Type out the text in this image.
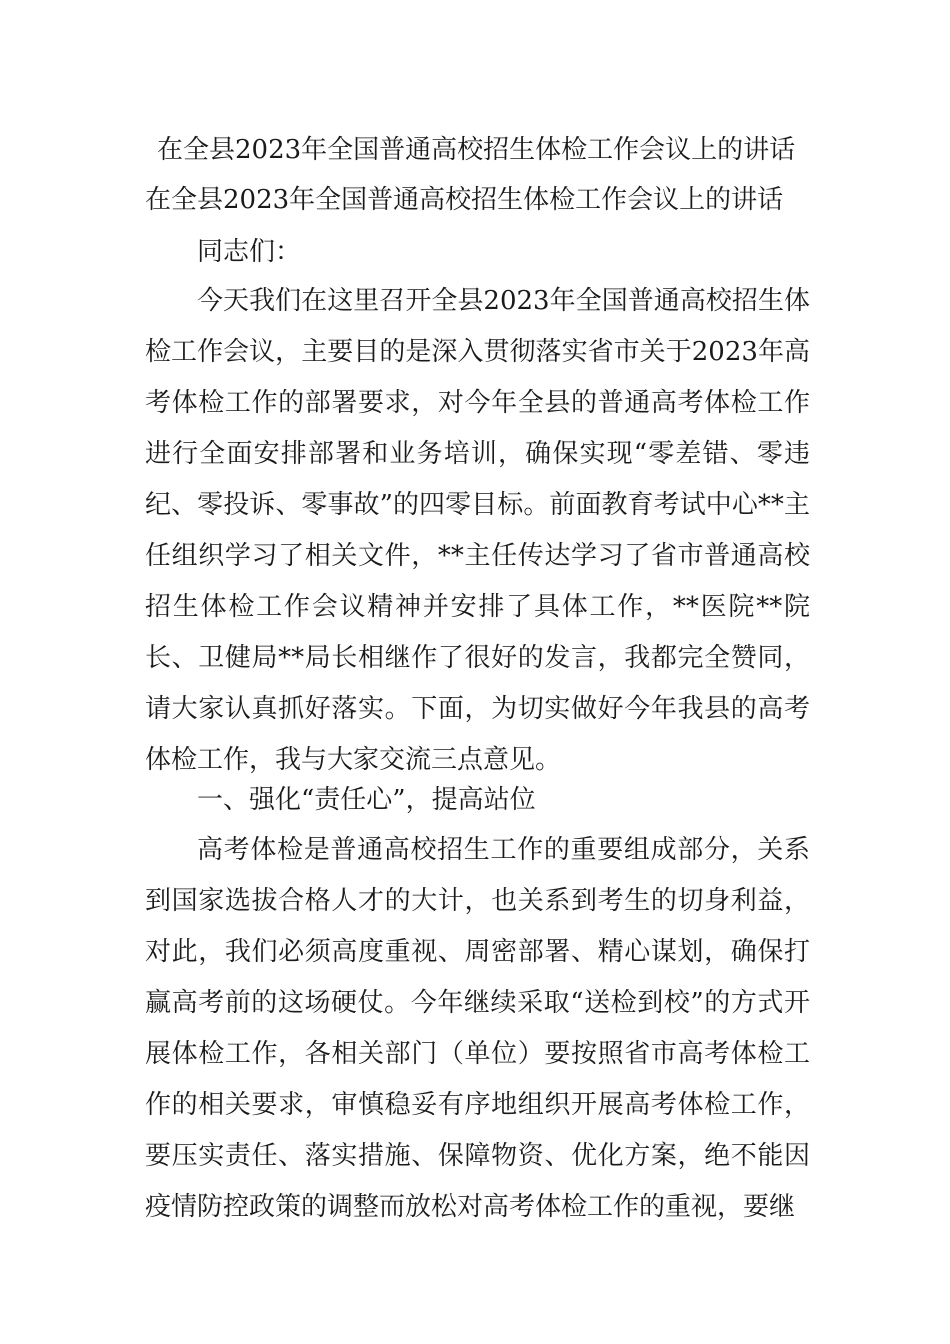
在全县2023年全国普通高校招生体检工作会议上的讲话
在全县2023年全国普通高校招生体检工作会议上的讲话

同志们：

今天我们在这里召开全县2023年全国普通高校招生体检工作会议，主要目的是深入贯彻落实省市关于2023年高考体检工作的部署要求，对今年全县的普通高考体检工作进行全面安排部署和业务培训，确保实现“零差错、零违纪、零投诉、零事故”的四零目标。前面教育考试中心**主任组织学习了相关文件，**主任传达学习了省市普通高校招生体检工作会议精神并安排了具体工作，**医院**院长、卫健局**局长相继作了很好的发言，我都完全赞同，请大家认真抓好落实。下面，为切实做好今年我县的高考体检工作，我与大家交流三点意见。

一、强化“责任心”，提高站位

高考体检是普通高校招生工作的重要组成部分，关系到国家选拔合格人才的大计，也关系到考生的切身利益，对此，我们必须高度重视、周密部署、精心谋划，确保打赢高考前的这场硬仗。今年继续采取“送检到校”的方式开展体检工作，各相关部门（单位）要按照省市高考体检工作的相关要求，审慎稳妥有序地组织开展高考体检工作，要压实责任、落实措施、保障物资、优化方案，绝不能因疫情防控政策的调整而放松对高考体检工作的重视，要继
